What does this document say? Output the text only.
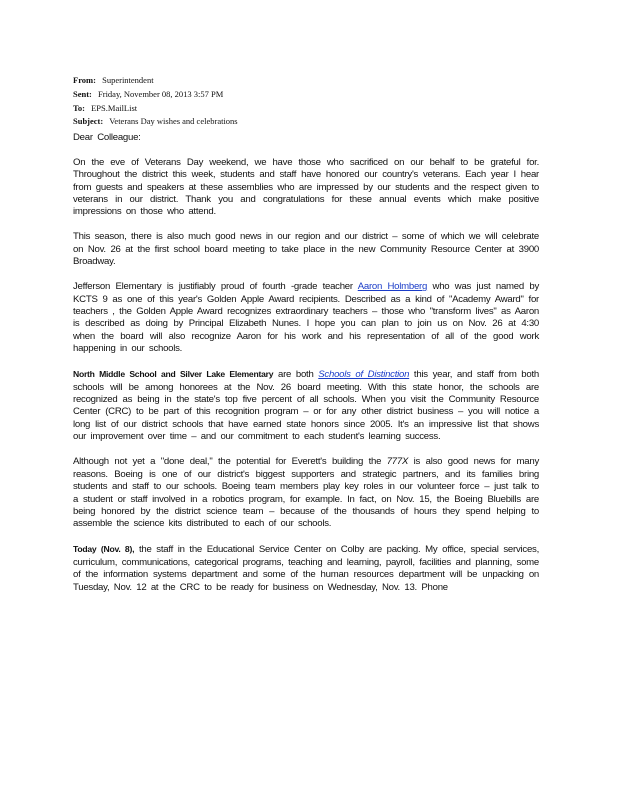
From: Superintendent
Sent: Friday, November 08, 2013 3:57 PM
To: EPS.MailList
Subject: Veterans Day wishes and celebrations

Dear Colleague:

On the eve of Veterans Day weekend, we have those who sacrificed on our behalf to be grateful for. Throughout the district this week, students and staff have honored our country's veterans. Each year I hear from guests and speakers at these assemblies who are impressed by our students and the respect given to veterans in our district. Thank you and congratulations for these annual events which make positive impressions on those who attend.

This season, there is also much good news in our region and our district – some of which we will celebrate on Nov. 26 at the first school board meeting to take place in the new Community Resource Center at 3900 Broadway.

Jefferson Elementary is justifiably proud of fourth -grade teacher Aaron Holmberg who was just named by KCTS 9 as one of this year's Golden Apple Award recipients. Described as a kind of "Academy Award" for teachers , the Golden Apple Award recognizes extraordinary teachers – those who "transform lives" as Aaron is described as doing by Principal Elizabeth Nunes. I hope you can plan to join us on Nov. 26 at 4:30 when the board will also recognize Aaron for his work and his representation of all of the good work happening in our schools.

North Middle School and Silver Lake Elementary are both Schools of Distinction this year, and staff from both schools will be among honorees at the Nov. 26 board meeting. With this state honor, the schools are recognized as being in the state's top five percent of all schools. When you visit the Community Resource Center (CRC) to be part of this recognition program – or for any other district business – you will notice a long list of our district schools that have earned state honors since 2005. It's an impressive list that shows our improvement over time – and our commitment to each student's learning success.

Although not yet a "done deal," the potential for Everett's building the 777X is also good news for many reasons. Boeing is one of our district's biggest supporters and strategic partners, and its families bring students and staff to our schools. Boeing team members play key roles in our volunteer force – just talk to a student or staff involved in a robotics program, for example. In fact, on Nov. 15, the Boeing Bluebills are being honored by the district science team – because of the thousands of hours they spend helping to assemble the science kits distributed to each of our schools.

Today (Nov. 8), the staff in the Educational Service Center on Colby are packing. My office, special services, curriculum, communications, categorical programs, teaching and learning, payroll, facilities and planning, some of the information systems department and some of the human resources department will be unpacking on Tuesday, Nov. 12 at the CRC to be ready for business on Wednesday, Nov. 13. Phone
